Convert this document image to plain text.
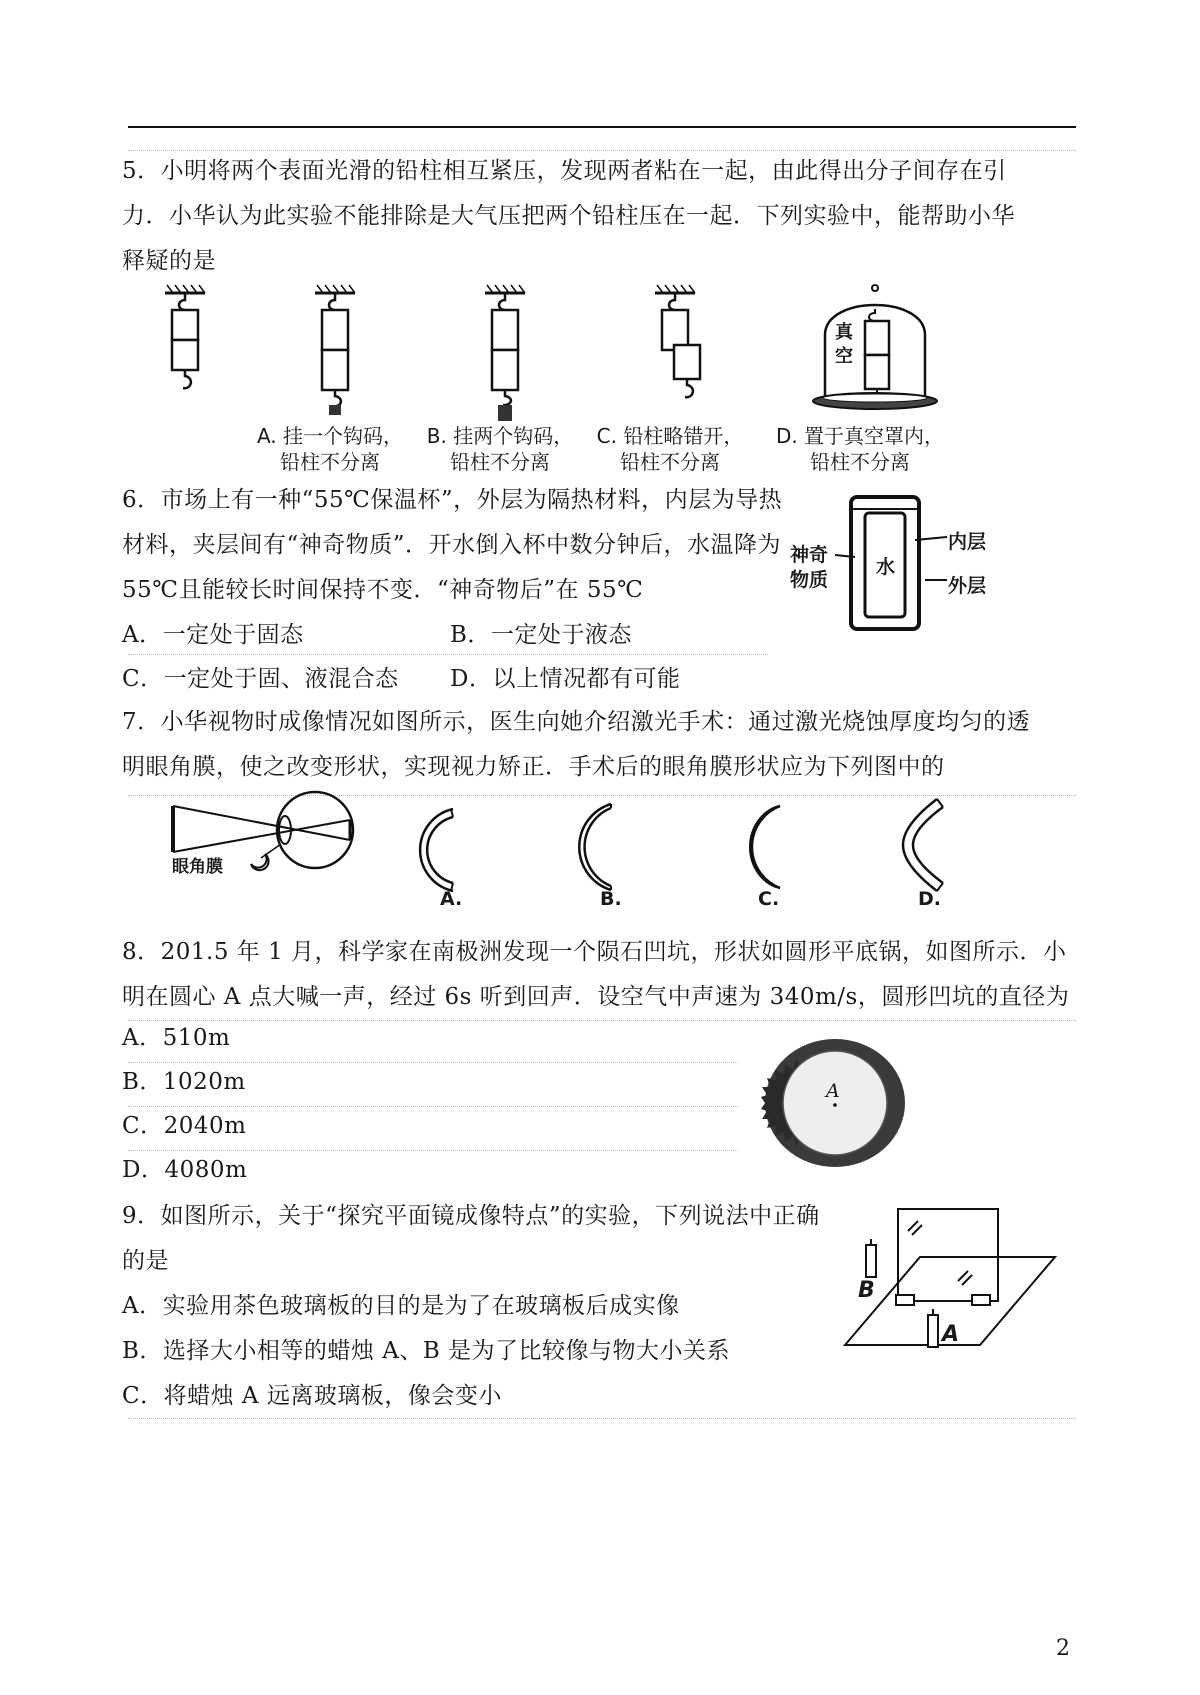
5．小明将两个表面光滑的铅柱相互紧压，发现两者粘在一起，由此得出分子间存在引
力．小华认为此实验不能排除是大气压把两个铅柱压在一起．下列实验中，能帮助小华
释疑的是
真
空
A. 挂一个钩码，
铅柱不分离
B. 挂两个钩码，
铅柱不分离
C. 铅柱略错开，
铅柱不分离
D. 置于真空罩内，
铅柱不分离
6．市场上有一种“55℃保温杯”，外层为隔热材料，内层为导热
材料，夹层间有“神奇物质”．开水倒入杯中数分钟后，水温降为
55℃且能较长时间保持不变．“神奇物后”在 55℃
A．一定处于固态	B．一定处于液态
C．一定处于固、液混合态 D．以上情况都有可能
水
内层
外层
神奇
物质
7．小华视物时成像情况如图所示，医生向她介绍激光手术：通过激光烧蚀厚度均匀的透
明眼角膜，使之改变形状，实现视力矫正．手术后的眼角膜形状应为下列图中的
眼角膜
A.	B.	C.	D.
8．201.5 年 1 月，科学家在南极洲发现一个陨石凹坑，形状如圆形平底锅，如图所示．小
明在圆心 A 点大喊一声，经过 6s 听到回声．设空气中声速为 340m/s，圆形凹坑的直径为
A．510m
B．1020m
C．2040m
D．4080m
A
9．如图所示，关于“探究平面镜成像特点”的实验，下列说法中正确
的是
A．实验用茶色玻璃板的目的是为了在玻璃板后成实像
B．选择大小相等的蜡烛 A、B 是为了比较像与物大小关系
C．将蜡烛 A 远离玻璃板，像会变小
B
A
2
